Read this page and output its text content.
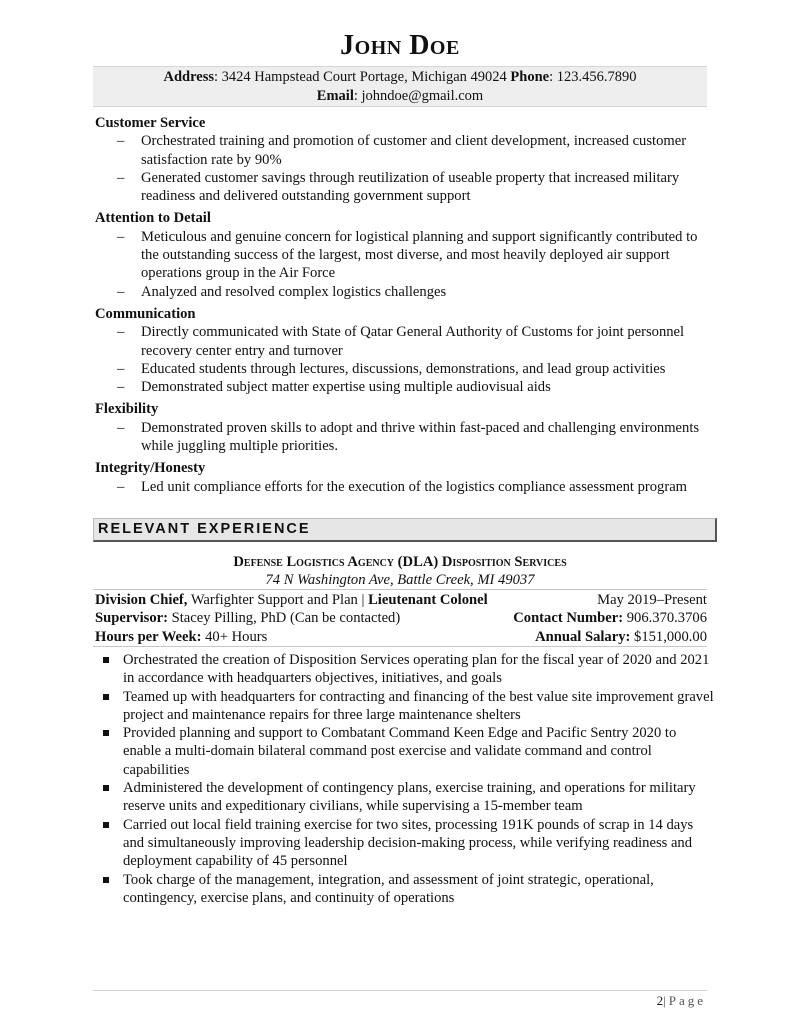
John Doe
Address: 3424 Hampstead Court Portage, Michigan 49024 Phone: 123.456.7890
Email: johndoe@gmail.com
Customer Service
– Orchestrated training and promotion of customer and client development, increased customer satisfaction rate by 90%
– Generated customer savings through reutilization of useable property that increased military readiness and delivered outstanding government support
Attention to Detail
– Meticulous and genuine concern for logistical planning and support significantly contributed to the outstanding success of the largest, most diverse, and most heavily deployed air support operations group in the Air Force
– Analyzed and resolved complex logistics challenges
Communication
– Directly communicated with State of Qatar General Authority of Customs for joint personnel recovery center entry and turnover
– Educated students through lectures, discussions, demonstrations, and lead group activities
– Demonstrated subject matter expertise using multiple audiovisual aids
Flexibility
– Demonstrated proven skills to adopt and thrive within fast-paced and challenging environments while juggling multiple priorities.
Integrity/Honesty
– Led unit compliance efforts for the execution of the logistics compliance assessment program
RELEVANT EXPERIENCE
Defense Logistics Agency (DLA) Disposition Services
74 N Washington Ave, Battle Creek, MI 49037
Division Chief, Warfighter Support and Plan | Lieutenant Colonel	May 2019–Present
Supervisor: Stacey Pilling, PhD (Can be contacted)	Contact Number: 906.370.3706
Hours per Week: 40+ Hours	Annual Salary: $151,000.00
Orchestrated the creation of Disposition Services operating plan for the fiscal year of 2020 and 2021 in accordance with headquarters objectives, initiatives, and goals
Teamed up with headquarters for contracting and financing of the best value site improvement gravel project and maintenance repairs for three large maintenance shelters
Provided planning and support to Combatant Command Keen Edge and Pacific Sentry 2020 to enable a multi-domain bilateral command post exercise and validate command and control capabilities
Administered the development of contingency plans, exercise training, and operations for military reserve units and expeditionary civilians, while supervising a 15-member team
Carried out local field training exercise for two sites, processing 191K pounds of scrap in 14 days and simultaneously improving leadership decision-making process, while verifying readiness and deployment capability of 45 personnel
Took charge of the management, integration, and assessment of joint strategic, operational, contingency, exercise plans, and continuity of operations
2|Page
